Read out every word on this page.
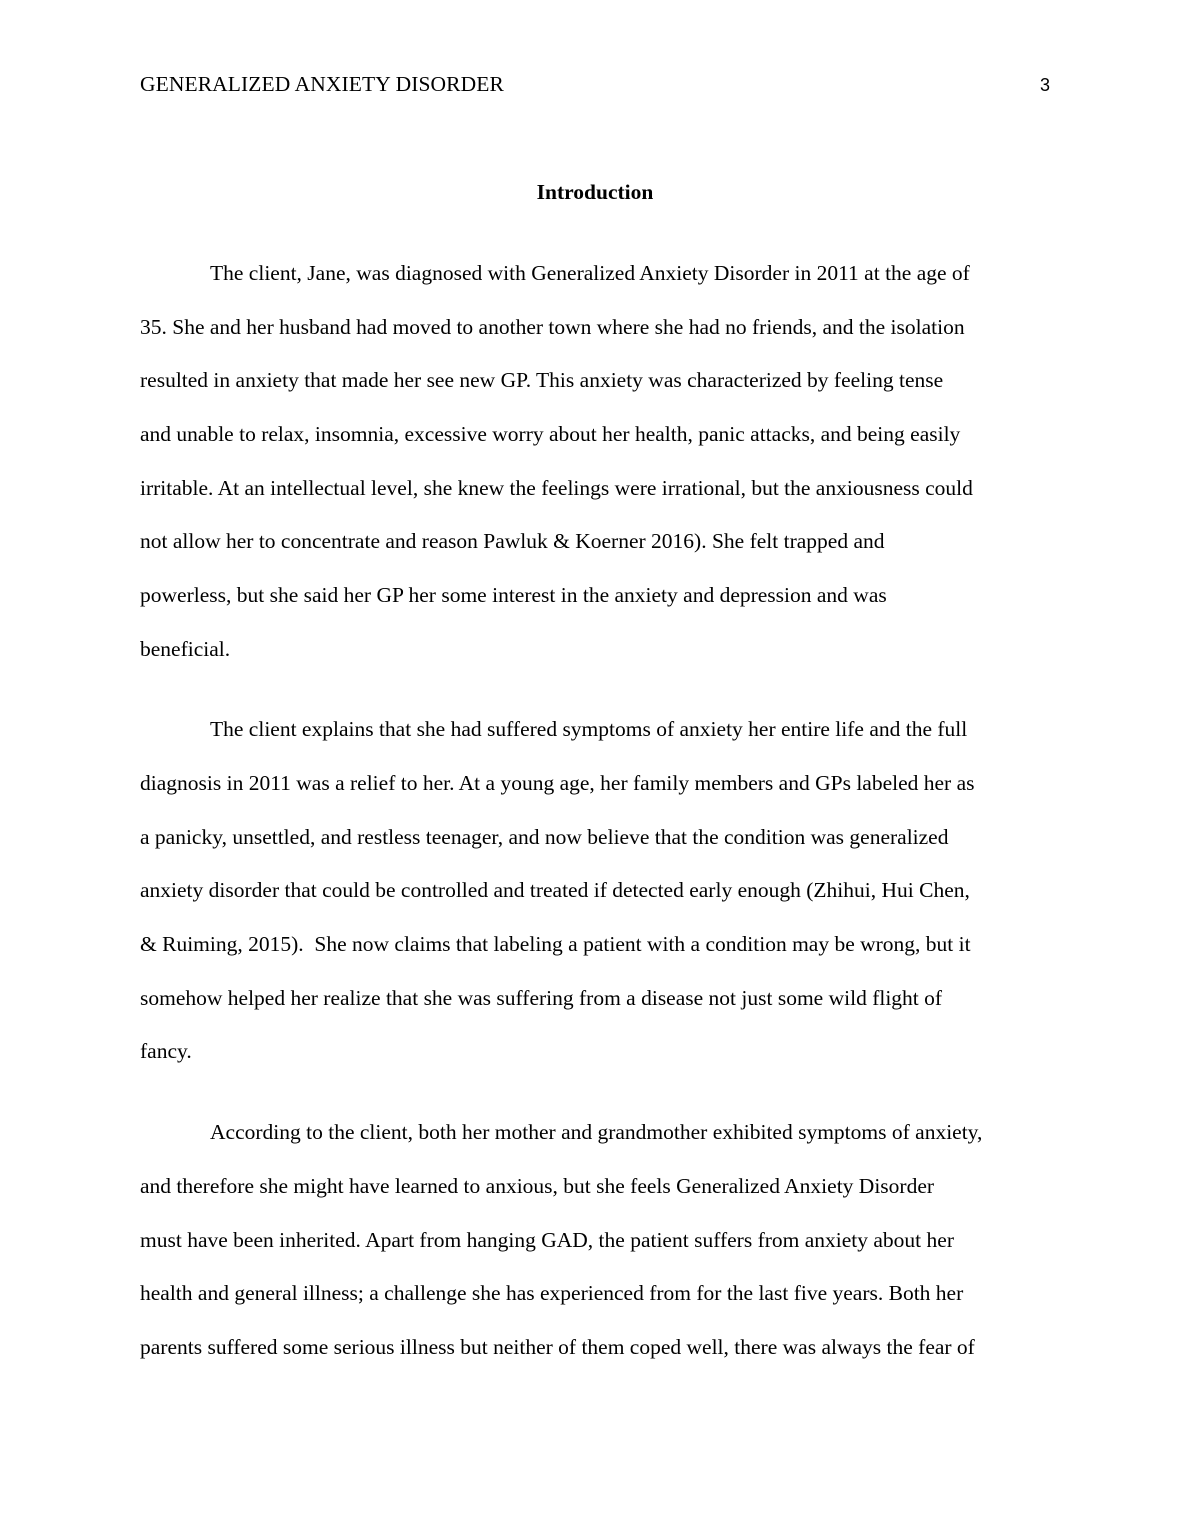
GENERALIZED ANXIETY DISORDER	3
Introduction
The client, Jane, was diagnosed with Generalized Anxiety Disorder in 2011 at the age of
35. She and her husband had moved to another town where she had no friends, and the isolation
resulted in anxiety that made her see new GP. This anxiety was characterized by feeling tense
and unable to relax, insomnia, excessive worry about her health, panic attacks, and being easily
irritable. At an intellectual level, she knew the feelings were irrational, but the anxiousness could
not allow her to concentrate and reason Pawluk & Koerner 2016). She felt trapped and
powerless, but she said her GP her some interest in the anxiety and depression and was
beneficial.
The client explains that she had suffered symptoms of anxiety her entire life and the full
diagnosis in 2011 was a relief to her. At a young age, her family members and GPs labeled her as
a panicky, unsettled, and restless teenager, and now believe that the condition was generalized
anxiety disorder that could be controlled and treated if detected early enough (Zhihui, Hui Chen,
& Ruiming, 2015).  She now claims that labeling a patient with a condition may be wrong, but it
somehow helped her realize that she was suffering from a disease not just some wild flight of
fancy.
According to the client, both her mother and grandmother exhibited symptoms of anxiety,
and therefore she might have learned to anxious, but she feels Generalized Anxiety Disorder
must have been inherited. Apart from hanging GAD, the patient suffers from anxiety about her
health and general illness; a challenge she has experienced from for the last five years. Both her
parents suffered some serious illness but neither of them coped well, there was always the fear of
